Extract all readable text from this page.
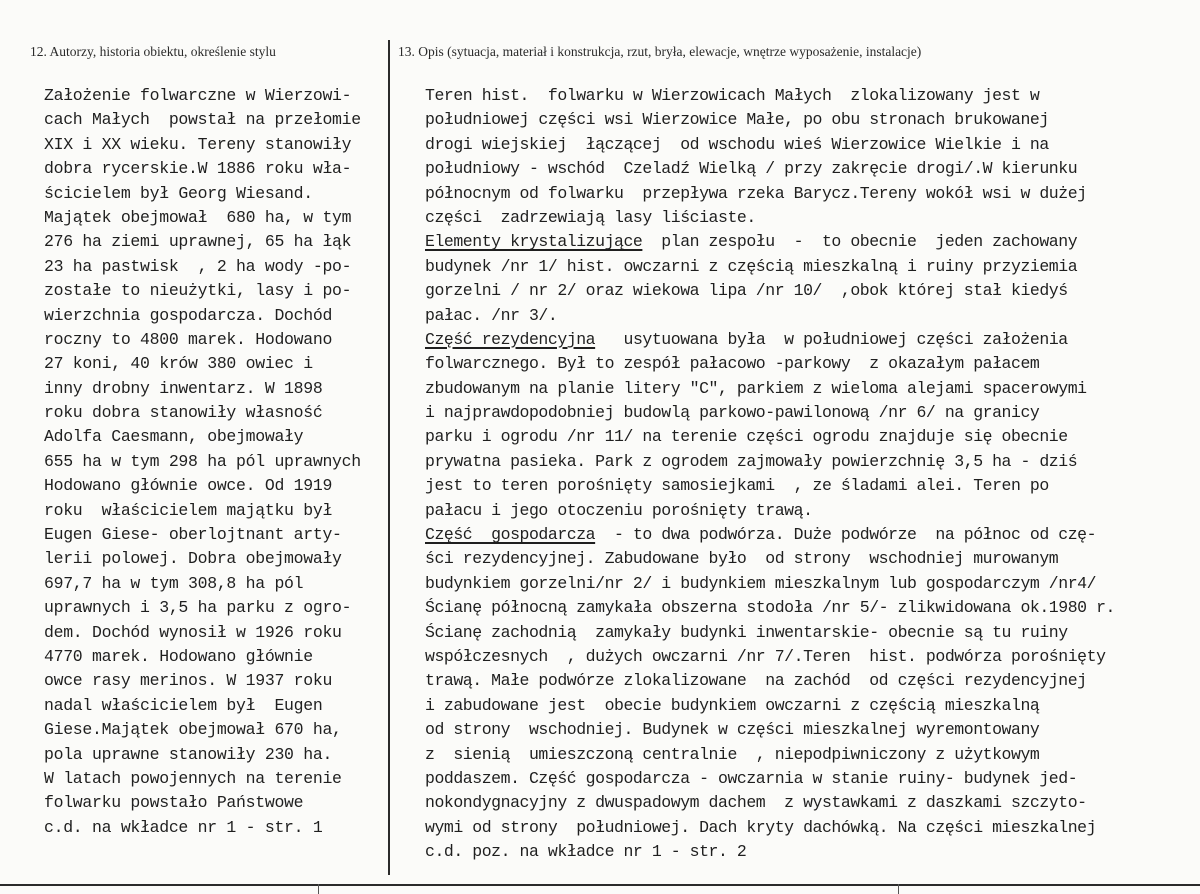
12. Autorzy, historia obiektu, określenie stylu	13. Opis (sytuacja, materiał i konstrukcja, rzut, bryła, elewacje, wnętrze wyposażenie, instalacje)
Założenie folwarczne w Wierzowi-
cach Małych  powstał na przełomie
XIX i XX wieku. Tereny stanowiły
dobra rycerskie.W 1886 roku wła-
ścicielem był Georg Wiesand.
Majątek obejmował  680 ha, w tym
276 ha ziemi uprawnej, 65 ha łąk
23 ha pastwisk  , 2 ha wody -po-
zostałe to nieużytki, lasy i po-
wierzchnia gospodarcza. Dochód
roczny to 4800 marek. Hodowano
27 koni, 40 krów 380 owiec i
inny drobny inwentarz. W 1898
roku dobra stanowiły własność
Adolfa Caesmann, obejmowały
655 ha w tym 298 ha pól uprawnych
Hodowano głównie owce. Od 1919
roku  właścicielem majątku był
Eugen Giese- oberlojtnant arty-
lerii polowej. Dobra obejmowały
697,7 ha w tym 308,8 ha pól
uprawnych i 3,5 ha parku z ogro-
dem. Dochód wynosił w 1926 roku
4770 marek. Hodowano głównie
owce rasy merinos. W 1937 roku
nadal właścicielem był  Eugen
Giese.Majątek obejmował 670 ha,
pola uprawne stanowiły 230 ha.
W latach powojennych na terenie
folwarku powstało Państwowe
c.d. na wkładce nr 1 - str. 1
Teren hist.  folwarku w Wierzowicach Małych  zlokalizowany jest w
południowej części wsi Wierzowice Małe, po obu stronach brukowanej
drogi wiejskiej  łączącej  od wschodu wieś Wierzowice Wielkie i na
południowy - wschód  Czeladź Wielką / przy zakręcie drogi/.W kierunku
północnym od folwarku  przepływa rzeka Barycz.Tereny wokół wsi w dużej
części  zadrzewiają lasy liściaste.
Elementy krystalizujące  plan zespołu  -  to obecnie  jeden zachowany
budynek /nr 1/ hist. owczarni z częścią mieszkalną i ruiny przyziemia
gorzelni / nr 2/ oraz wiekowa lipa /nr 10/  ,obok której stał kiedyś
pałac. /nr 3/.
Część rezydencyjna   usytuowana była  w południowej części założenia
folwarcznego. Był to zespół pałacowo -parkowy  z okazałym pałacem
zbudowanym na planie litery "C", parkiem z wieloma alejami spacerowymi
i najprawdopodobniej budowlą parkowo-pawilonową /nr 6/ na granicy
parku i ogrodu /nr 11/ na terenie części ogrodu znajduje się obecnie
prywatna pasieka. Park z ogrodem zajmowały powierzchnię 3,5 ha - dziś
jest to teren porośnięty samosiejkami  , ze śladami alei. Teren po
pałacu i jego otoczeniu porośnięty trawą.
Część  gospodarcza  - to dwa podwórza. Duże podwórze  na północ od czę-
ści rezydencyjnej. Zabudowane było  od strony  wschodniej murowanym
budynkiem gorzelni/nr 2/ i budynkiem mieszkalnym lub gospodarczym /nr4/
Ścianę północną zamykała obszerna stodoła /nr 5/- zlikwidowana ok.1980 r.
Ścianę zachodnią  zamykały budynki inwentarskie- obecnie są tu ruiny
współczesnych  , dużych owczarni /nr 7/.Teren  hist. podwórza porośnięty
trawą. Małe podwórze zlokalizowane  na zachód  od części rezydencyjnej
i zabudowane jest  obecie budynkiem owczarni z częścią mieszkalną
od strony  wschodniej. Budynek w części mieszkalnej wyremontowany
z  sienią  umieszczoną centralnie  , niepodpiwniczony z użytkowym
poddaszem. Część gospodarcza - owczarnia w stanie ruiny- budynek jed-
nokondygnacyjny z dwuspadowym dachem  z wystawkami z daszkami szczyto-
wymi od strony  południowej. Dach kryty dachówką. Na części mieszkalnej
c.d. poz. na wkładce nr 1 - str. 2
